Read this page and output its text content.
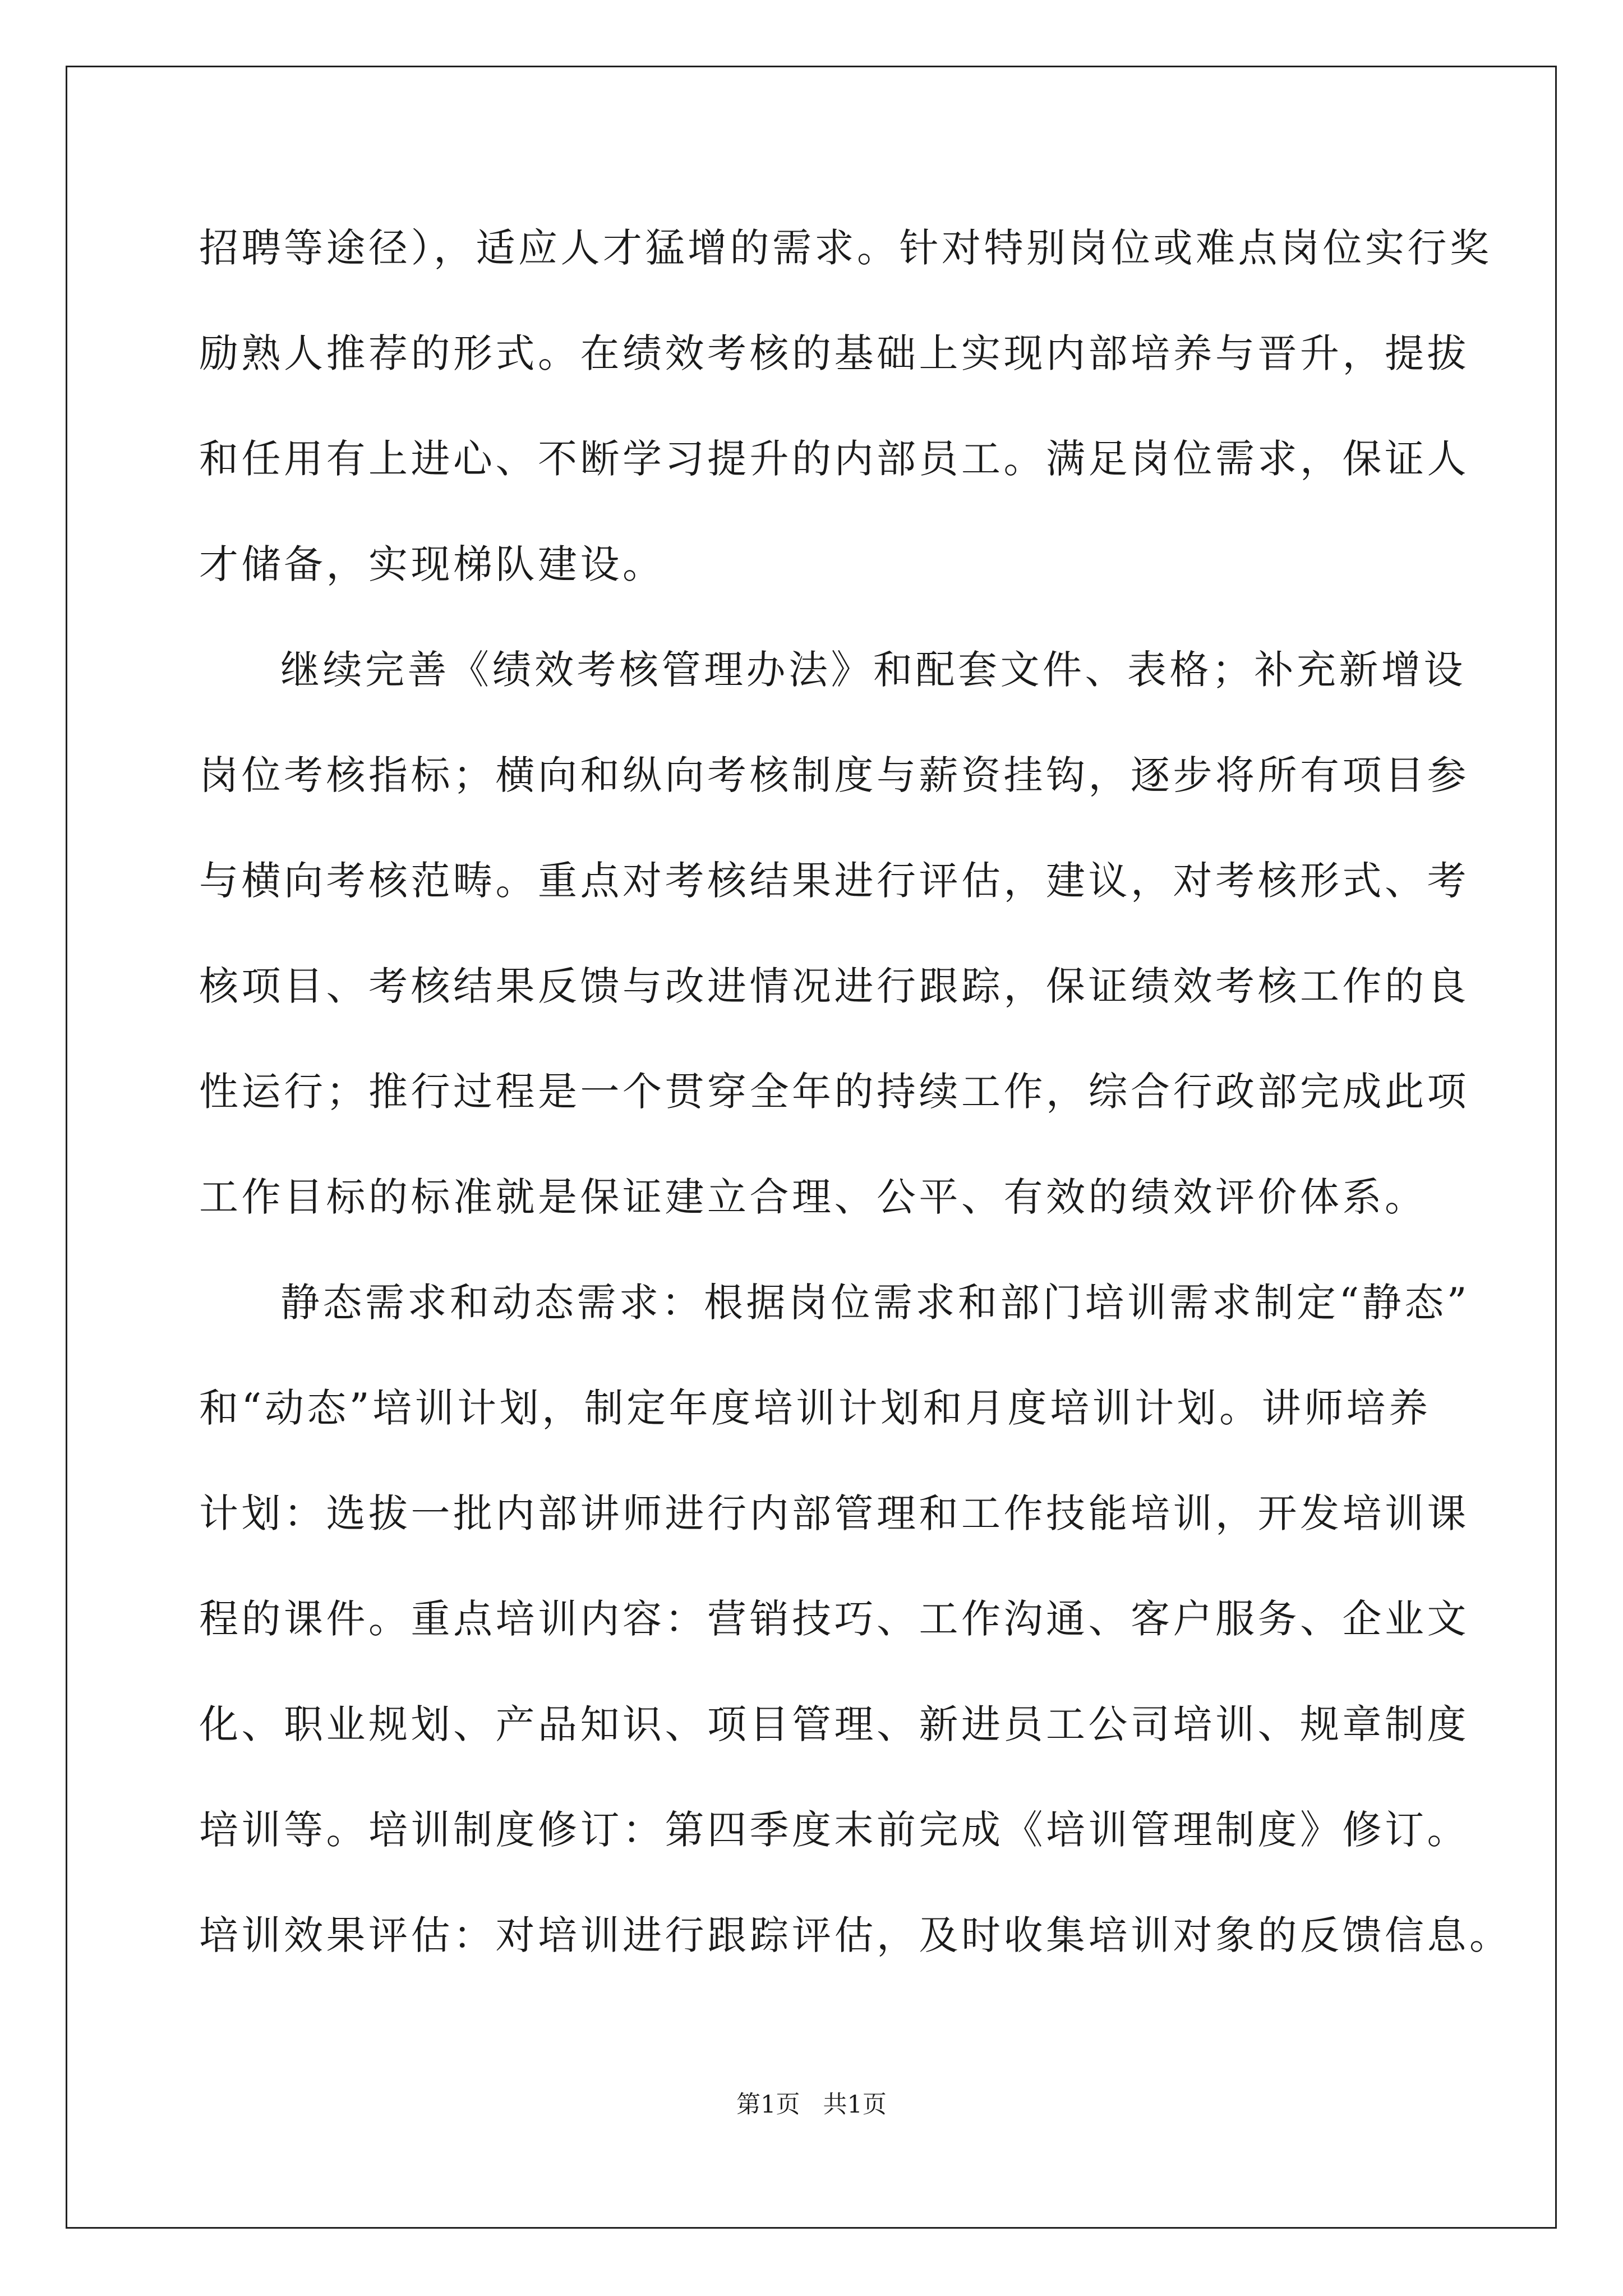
招聘等途径），适应人才猛增的需求。针对特别岗位或难点岗位实行奖
励熟人推荐的形式。在绩效考核的基础上实现内部培养与晋升，提拔
和任用有上进心、不断学习提升的内部员工。满足岗位需求，保证人
才储备，实现梯队建设。
继续完善《绩效考核管理办法》和配套文件、表格；补充新增设
岗位考核指标；横向和纵向考核制度与薪资挂钩，逐步将所有项目参
与横向考核范畴。重点对考核结果进行评估，建议，对考核形式、考
核项目、考核结果反馈与改进情况进行跟踪，保证绩效考核工作的良
性运行；推行过程是一个贯穿全年的持续工作，综合行政部完成此项
工作目标的标准就是保证建立合理、公平、有效的绩效评价体系。
静态需求和动态需求：根据岗位需求和部门培训需求制定“静态”
和“动态”培训计划，制定年度培训计划和月度培训计划。讲师培养
计划：选拔一批内部讲师进行内部管理和工作技能培训，开发培训课
程的课件。重点培训内容：营销技巧、工作沟通、客户服务、企业文
化、职业规划、产品知识、项目管理、新进员工公司培训、规章制度
培训等。培训制度修订：第四季度末前完成《培训管理制度》修订。
培训效果评估：对培训进行跟踪评估，及时收集培训对象的反馈信息。
第1页   共1页
